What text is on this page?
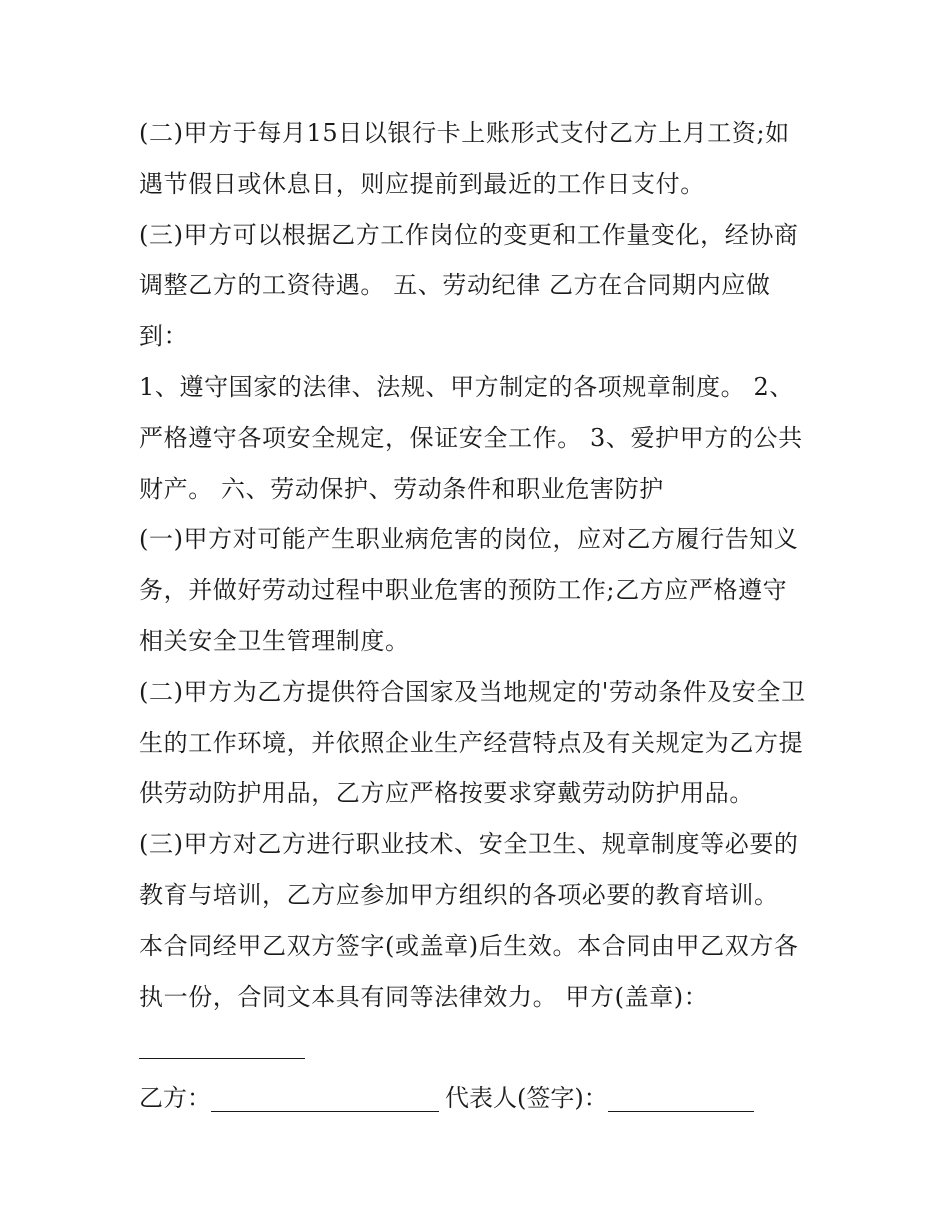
(二)甲方于每月15日以银行卡上账形式支付乙方上月工资;如
遇节假日或休息日，则应提前到最近的工作日支付。
(三)甲方可以根据乙方工作岗位的变更和工作量变化，经协商
调整乙方的工资待遇。 五、劳动纪律 乙方在合同期内应做
到：
1、遵守国家的法律、法规、甲方制定的各项规章制度。 2、
严格遵守各项安全规定，保证安全工作。 3、爱护甲方的公共
财产。 六、劳动保护、劳动条件和职业危害防护
(一)甲方对可能产生职业病危害的岗位，应对乙方履行告知义
务，并做好劳动过程中职业危害的预防工作;乙方应严格遵守
相关安全卫生管理制度。
(二)甲方为乙方提供符合国家及当地规定的'劳动条件及安全卫
生的工作环境，并依照企业生产经营特点及有关规定为乙方提
供劳动防护用品，乙方应严格按要求穿戴劳动防护用品。
(三)甲方对乙方进行职业技术、安全卫生、规章制度等必要的
教育与培训，乙方应参加甲方组织的各项必要的教育培训。
本合同经甲乙双方签字(或盖章)后生效。本合同由甲乙双方各
执一份，合同文本具有同等法律效力。 甲方(盖章)：
乙方：	代表人(签字)：
